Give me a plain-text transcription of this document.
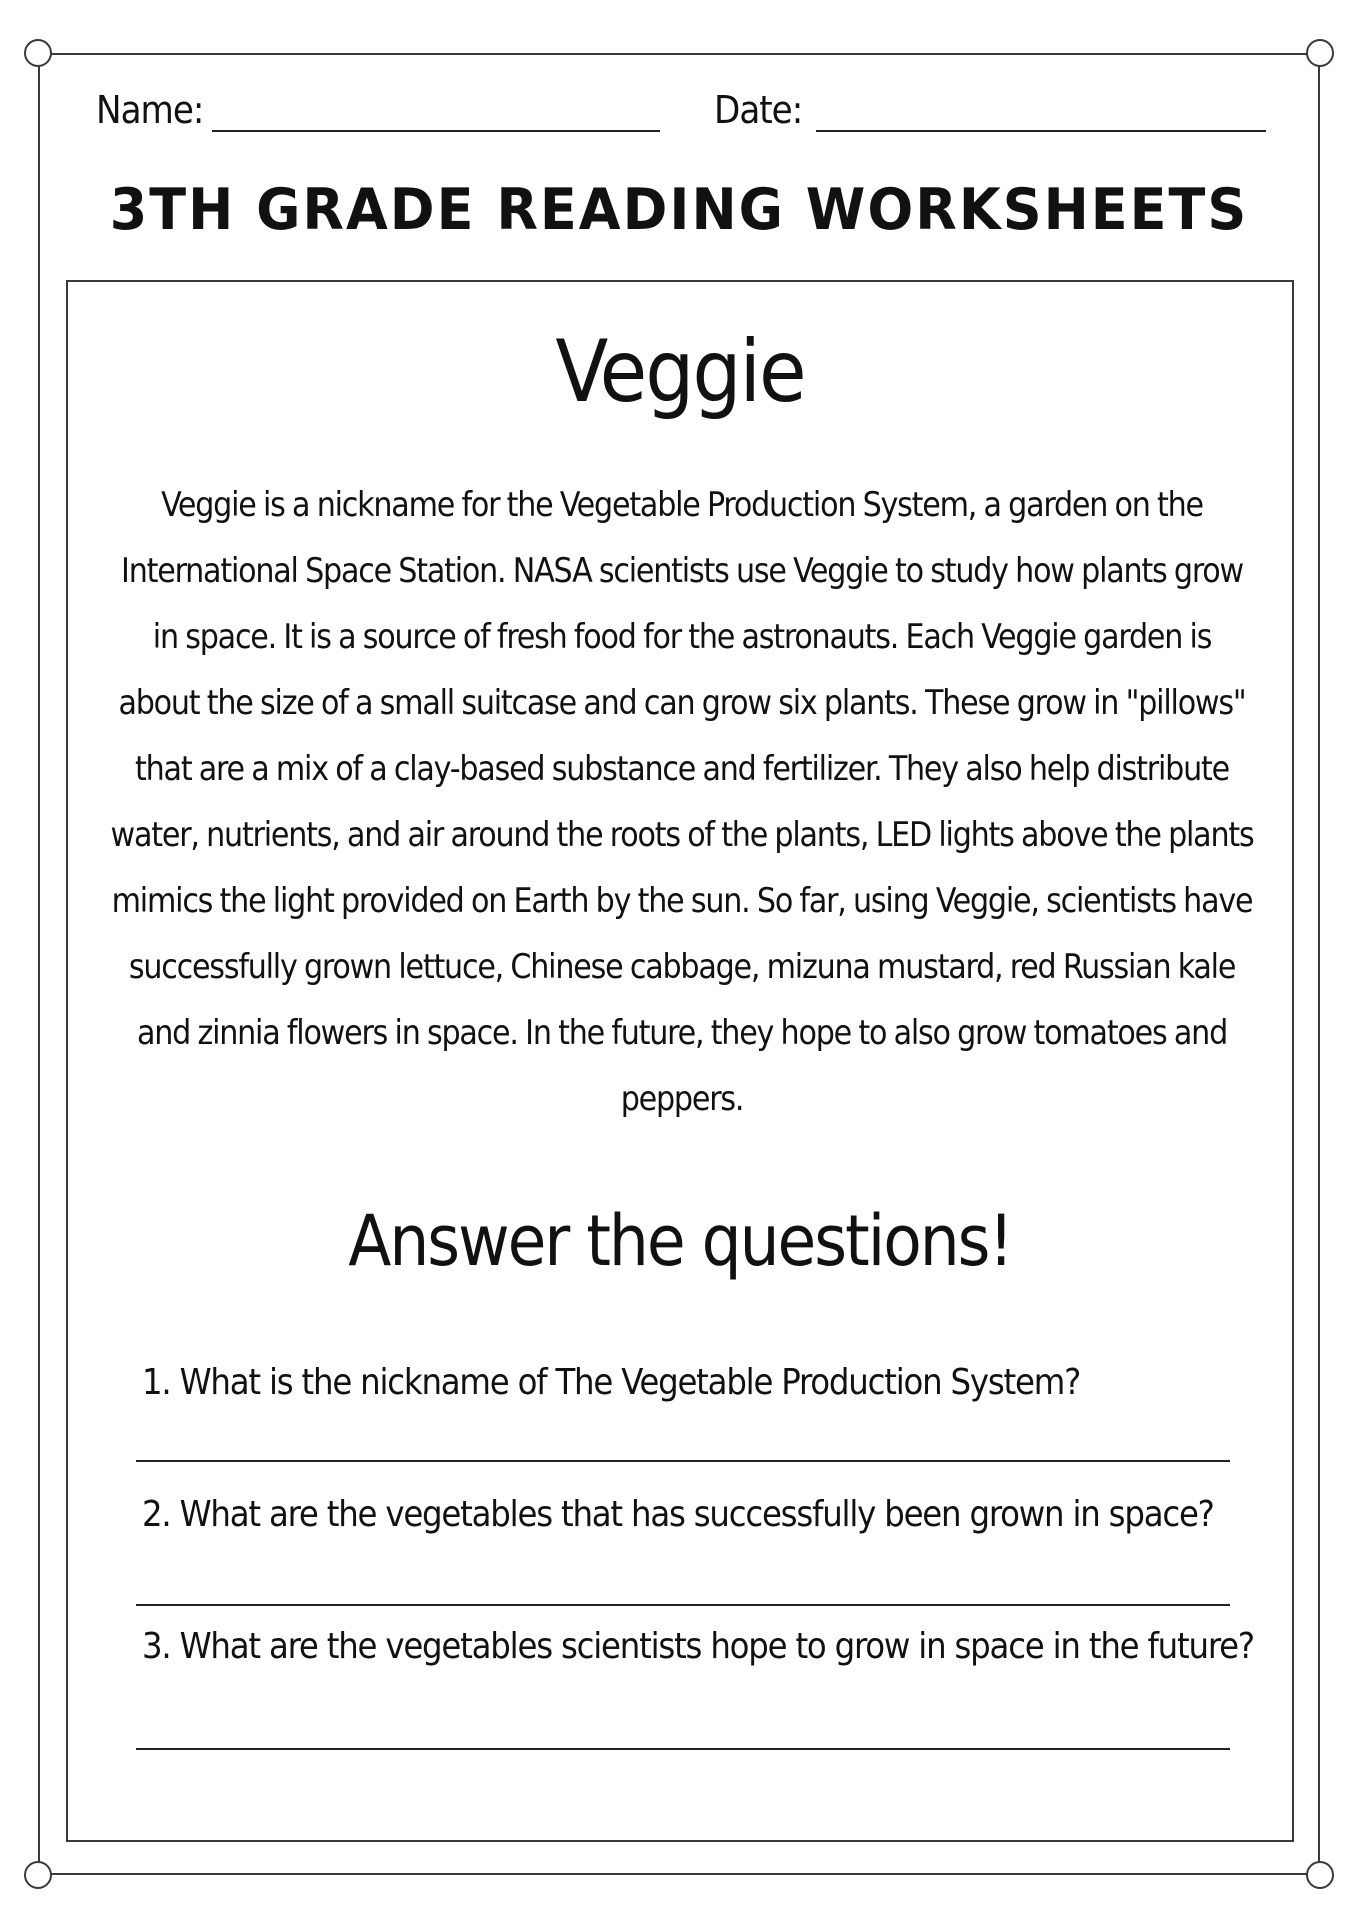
Name:	Date:
3TH GRADE READING WORKSHEETS
Veggie
Veggie is a nickname for the Vegetable Production System, a garden on the International Space Station. NASA scientists use Veggie to study how plants grow in space. It is a source of fresh food for the astronauts. Each Veggie garden is about the size of a small suitcase and can grow six plants. These grow in "pillows" that are a mix of a clay-based substance and fertilizer. They also help distribute water, nutrients, and air around the roots of the plants, LED lights above the plants mimics the light provided on Earth by the sun. So far, using Veggie, scientists have successfully grown lettuce, Chinese cabbage, mizuna mustard, red Russian kale and zinnia flowers in space. In the future, they hope to also grow tomatoes and peppers.
Answer the questions!
1. What is the nickname of The Vegetable Production System?
2. What are the vegetables that has successfully been grown in space?
3. What are the vegetables scientists hope to grow in space in the future?
